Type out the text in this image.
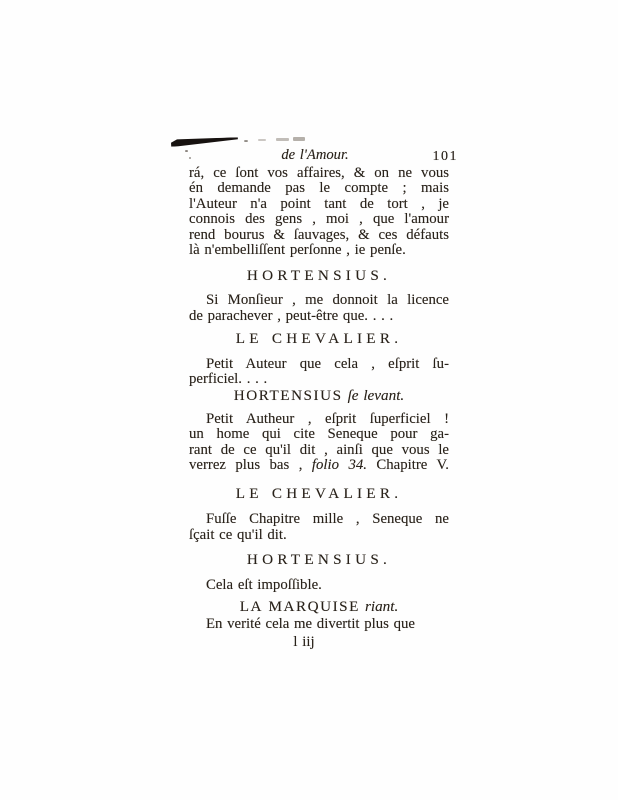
de l'Amour.	101

rá, ce ſont vos affaires, & on ne vous
én demande pas le compte ; mais
l'Auteur n'a point tant de tort , je
connois des gens , moi , que l'amour
rend bourus & ſauvages, & ces défauts
là n'embelliſſent perſonne , ie penſe.

HORTENSIUS.

Si Monſieur , me donnoit la licence
de parachever , peut-être que. . . .

LE CHEVALIER.

Petit Auteur que cela , eſprit ſu-
perficiel. . . .

HORTENSIUS ſe levant.

Petit Autheur , eſprit ſuperficiel !
un home qui cite Seneque pour ga-
rant de ce qu'il dit , ainſi que vous le
verrez plus bas , folio 34. Chapitre V.

LE CHEVALIER.

Fuſſe Chapitre mille , Seneque ne
ſçait ce qu'il dit.

HORTENSIUS.

Cela eſt impoſſible.

LA MARQUISE riant.

En verité cela me divertit plus que

l iij
